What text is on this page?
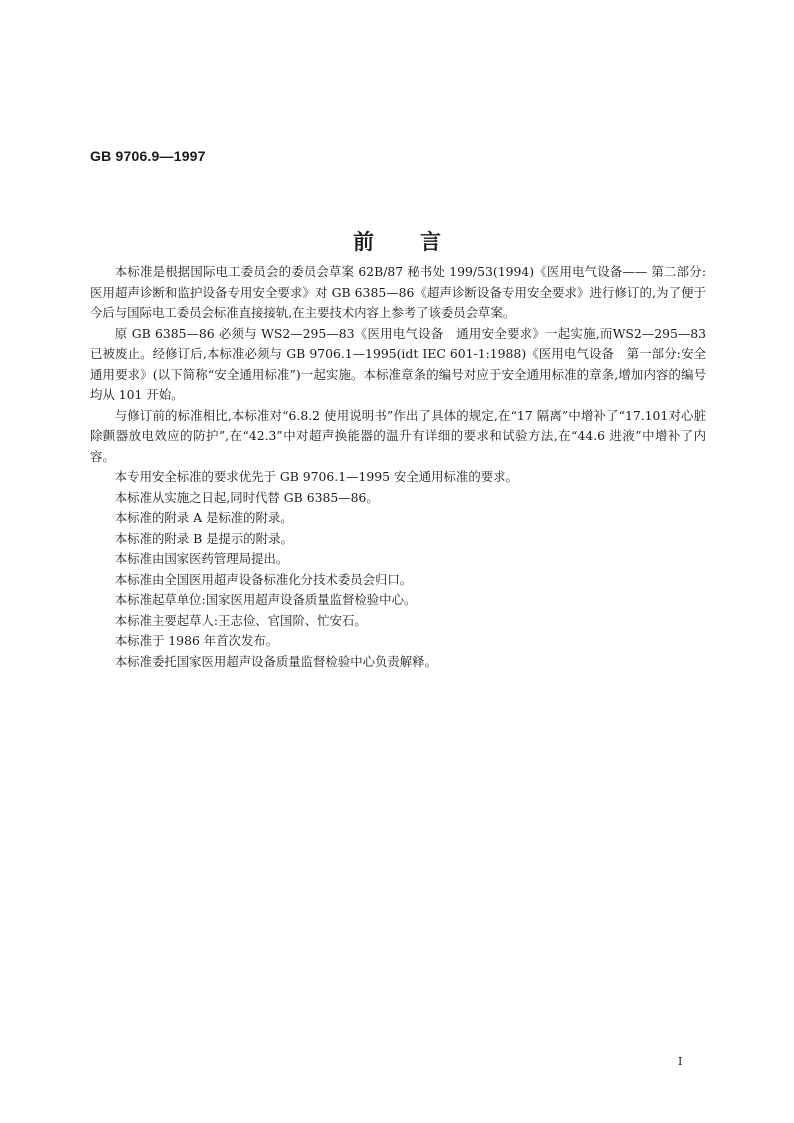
GB 9706.9—1997
前 言

本标准是根据国际电工委员会的委员会草案 62B/87 秘书处 199/53(1994)《医用电气设备—— 第二部分:医用超声诊断和监护设备专用安全要求》对 GB 6385—86《超声诊断设备专用安全要求》进行修订的,为了便于今后与国际电工委员会标准直接接轨,在主要技术内容上参考了该委员会草案。

原 GB 6385—86 必须与 WS2—295—83《医用电气设备　通用安全要求》一起实施,而WS2—295—83已被废止。经修订后,本标准必须与 GB 9706.1—1995(idt IEC 601-1:1988)《医用电气设备　第一部分:安全通用要求》(以下简称“安全通用标准”)一起实施。本标准章条的编号对应于安全通用标准的章条,增加内容的编号均从 101 开始。

与修订前的标准相比,本标准对“6.8.2 使用说明书”作出了具体的规定,在“17 隔离”中增补了“17.101对心脏除颤器放电效应的防护”,在“42.3”中对超声换能器的温升有详细的要求和试验方法,在“44.6 进液”中增补了内容。

本专用安全标准的要求优先于 GB 9706.1—1995 安全通用标准的要求。

本标准从实施之日起,同时代替 GB 6385—86。

本标准的附录 A 是标准的附录。

本标准的附录 B 是提示的附录。

本标准由国家医药管理局提出。

本标准由全国医用超声设备标准化分技术委员会归口。

本标准起草单位:国家医用超声设备质量监督检验中心。

本标准主要起草人:王志俭、官国阶、忙安石。

本标准于 1986 年首次发布。

本标准委托国家医用超声设备质量监督检验中心负责解释。

I
